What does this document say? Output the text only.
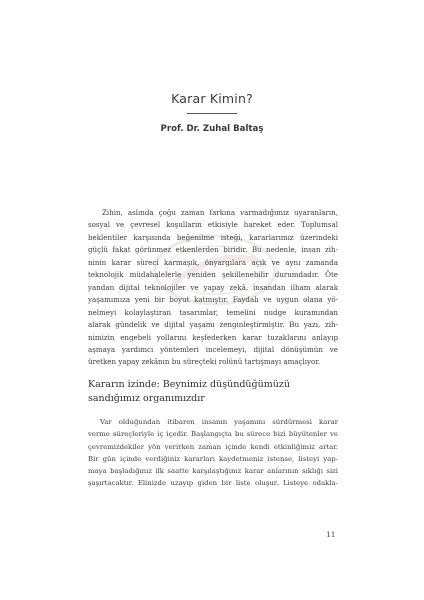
Karar Kimin?
Prof. Dr. Zuhal Baltaş
Zihin, aslında çoğu zaman farkına varmadığımız uyaranların,
sosyal ve çevresel koşulların etkisiyle hareket eder. Toplumsal
beklentiler karşısında beğenilme isteği, kararlarımız üzerindeki
güçlü fakat görünmez etkenlerden biridir. Bu nedenle, insan zih-
ninin karar süreci karmaşık, önyargılara açık ve aynı zamanda
teknolojik müdahalelerle yeniden şekillenebilir durumdadır. Öte
yandan dijital teknolojiler ve yapay zekâ, insandan ilham alarak
yaşamımıza yeni bir boyut katmıştır. Faydalı ve uygun olana yö-
nelmeyi kolaylaştıran tasarımlar, temelini nudge kuramından
alarak gündelik ve dijital yaşamı zenginleştirmiştir. Bu yazı, zih-
nimizin engebeli yollarını keşfederken karar tuzaklarını anlayıp
aşmaya yardımcı yöntemleri incelemeyi, dijital dönüşümün ve
üretken yapay zekânın bu süreçteki rolünü tartışmayı amaçlıyor.
Kararın izinde: Beynimiz düşündüğümüzü
sandığımız organımızdır
Var olduğundan itibaren insanın yaşamını sürdürmesi karar
verme süreçleriyle iç içedir. Başlangıçta bu sürece bizi büyütenler ve
çevremizdekiler yön verirken zaman içinde kendi etkinliğimiz artar.
Bir gün içinde verdiğiniz kararları kaydetmeniz istense, listeyi yap-
maya başladığınız ilk saatte karşılaştığınız karar anlarının sıklığı sizi
şaşırtacaktır. Elinizde uzayıp giden bir liste oluşur. Listeye odakla-
11
